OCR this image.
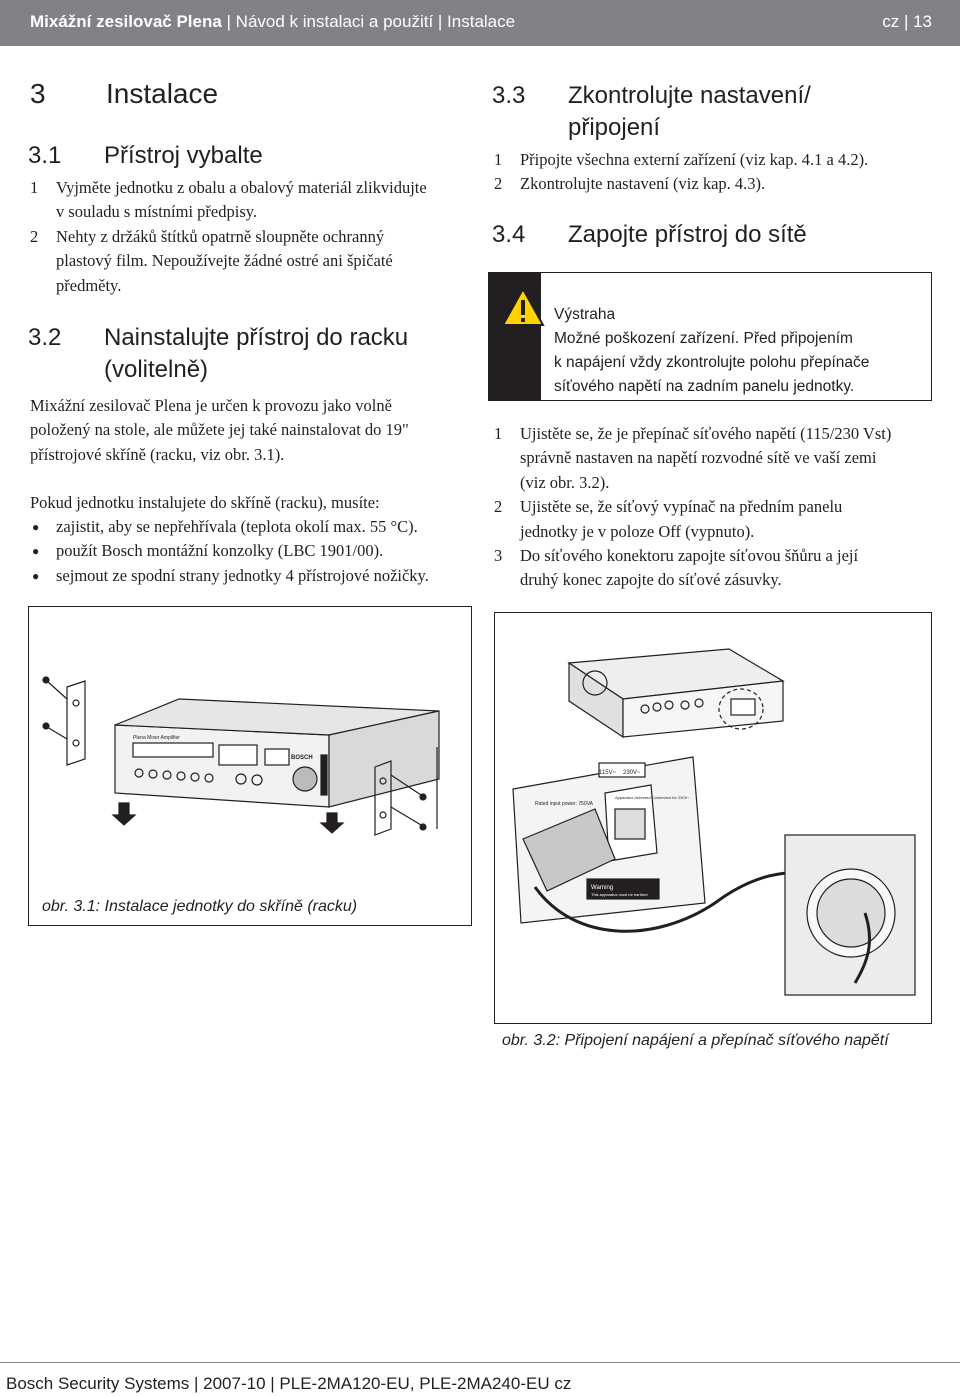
Mixážní zesilovač Plena | Návod k instalaci a použití | Instalace	cz | 13
3 Instalace
3.1 Přístroj vybalte
1 Vyjměte jednotku z obalu a obalový materiál zlikvidujte
v souladu s místními předpisy.
2 Nehty z držáků štítků opatrně sloupněte ochranný
plastový film. Nepoužívejte žádné ostré ani špičaté
předměty.
3.2 Nainstalujte přístroj do racku
(volitelně)
Mixážní zesilovač Plena je určen k provozu jako volně
položený na stole, ale můžete jej také nainstalovat do 19"
přístrojové skříně (racku, viz obr. 3.1).
Pokud jednotku instalujete do skříně (racku), musíte:
● zajistit, aby se nepřehřívala (teplota okolí max. 55 °C).
● použít Bosch montážní konzolky (LBC 1901/00).
● sejmout ze spodní strany jednotky 4 přístrojové nožičky.
3.3 Zkontrolujte nastavení/
připojení
1 Připojte všechna externí zařízení (viz kap. 4.1 a 4.2).
2 Zkontrolujte nastavení (viz kap. 4.3).
3.4 Zapojte přístroj do sítě
Výstraha
Možné poškození zařízení. Před připojením
k napájení vždy zkontrolujte polohu přepínače
síťového napětí na zadním panelu jednotky.
1 Ujistěte se, že je přepínač síťového napětí (115/230 Vst)
správně nastaven na napětí rozvodné sítě ve vaší zemi
(viz obr. 3.2).
2 Ujistěte se, že síťový vypínač na předním panelu
jednotky je v poloze Off (vypnuto).
3 Do síťového konektoru zapojte síťovou šňůru a její
druhý konec zapojte do síťové zásuvky.
Plena Mixer Amplifier
BOSCH
obr. 3.1: Instalace jednotky do skříně (racku)
115V~ 230V~
Rated input power: 750VA
Apparatus delivered Connected for 230V~
Warning
This apparatus must be earthed
obr. 3.2: Připojení napájení a přepínač síťového napětí
Bosch Security Systems | 2007-10 | PLE-2MA120-EU, PLE-2MA240-EU cz
